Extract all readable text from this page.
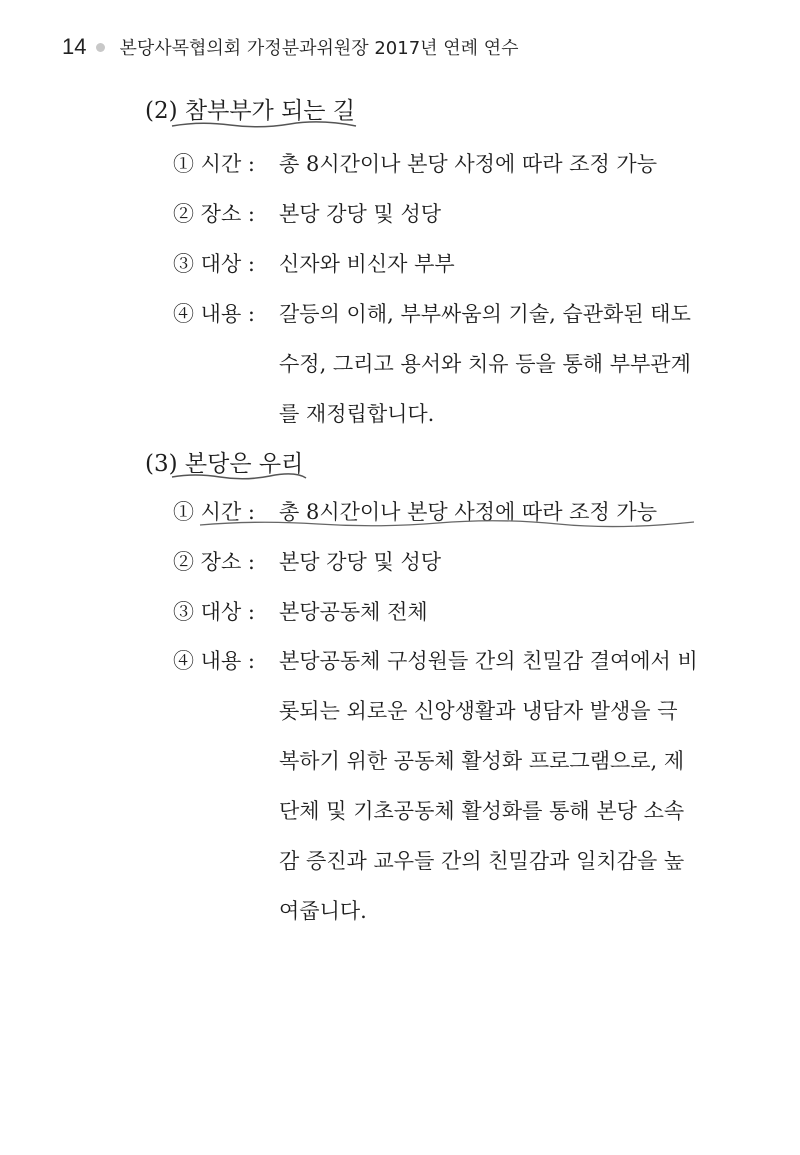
14 본당사목협의회 가정분과위원장 2017년 연례 연수
(2) 참부부가 되는 길
① 시간 : 총 8시간이나 본당 사정에 따라 조정 가능
② 장소 : 본당 강당 및 성당
③ 대상 : 신자와 비신자 부부
④ 내용 : 갈등의 이해, 부부싸움의 기술, 습관화된 태도
수정, 그리고 용서와 치유 등을 통해 부부관계
를 재정립합니다.
(3) 본당은 우리
① 시간 : 총 8시간이나 본당 사정에 따라 조정 가능
② 장소 : 본당 강당 및 성당
③ 대상 : 본당공동체 전체
④ 내용 : 본당공동체 구성원들 간의 친밀감 결여에서 비
롯되는 외로운 신앙생활과 냉담자 발생을 극
복하기 위한 공동체 활성화 프로그램으로, 제
단체 및 기초공동체 활성화를 통해 본당 소속
감 증진과 교우들 간의 친밀감과 일치감을 높
여줍니다.
